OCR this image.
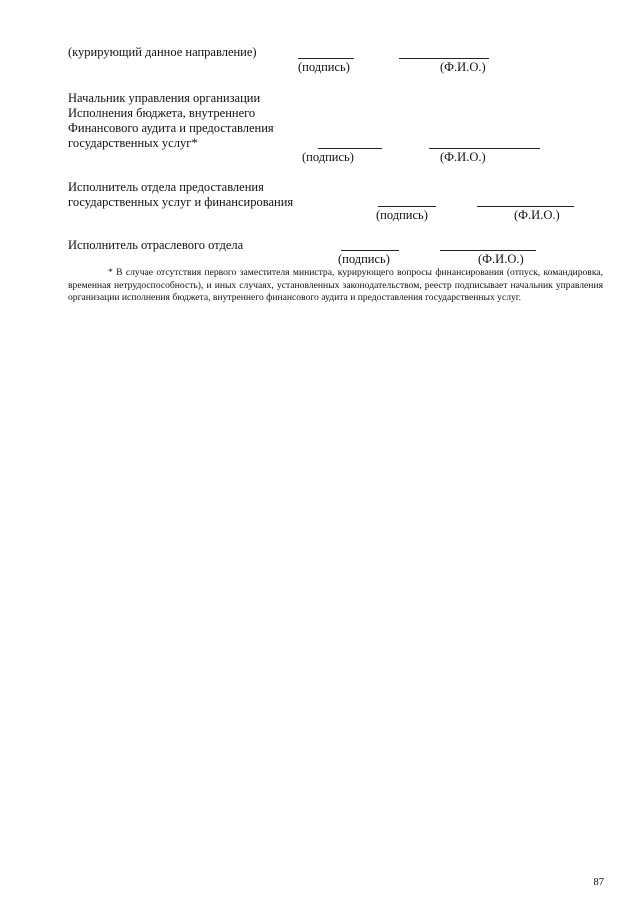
(курирующий данное направление)
(подпись)	(Ф.И.О.)
Начальник управления организации
Исполнения бюджета, внутреннего
Финансового аудита и предоставления
государственных услуг*
(подпись)	(Ф.И.О.)
Исполнитель отдела предоставления
государственных услуг и финансирования
(подпись)	(Ф.И.О.)
Исполнитель отраслевого отдела
(подпись)	(Ф.И.О.)
* В случае отсутствия первого заместителя министра, курирующего вопросы финансирования (отпуск, командировка, временная нетрудоспособность), и иных случаях, установленных законодательством, реестр подписывает начальник управления организации исполнения бюджета, внутреннего финансового аудита и предоставления государственных услуг.
87
